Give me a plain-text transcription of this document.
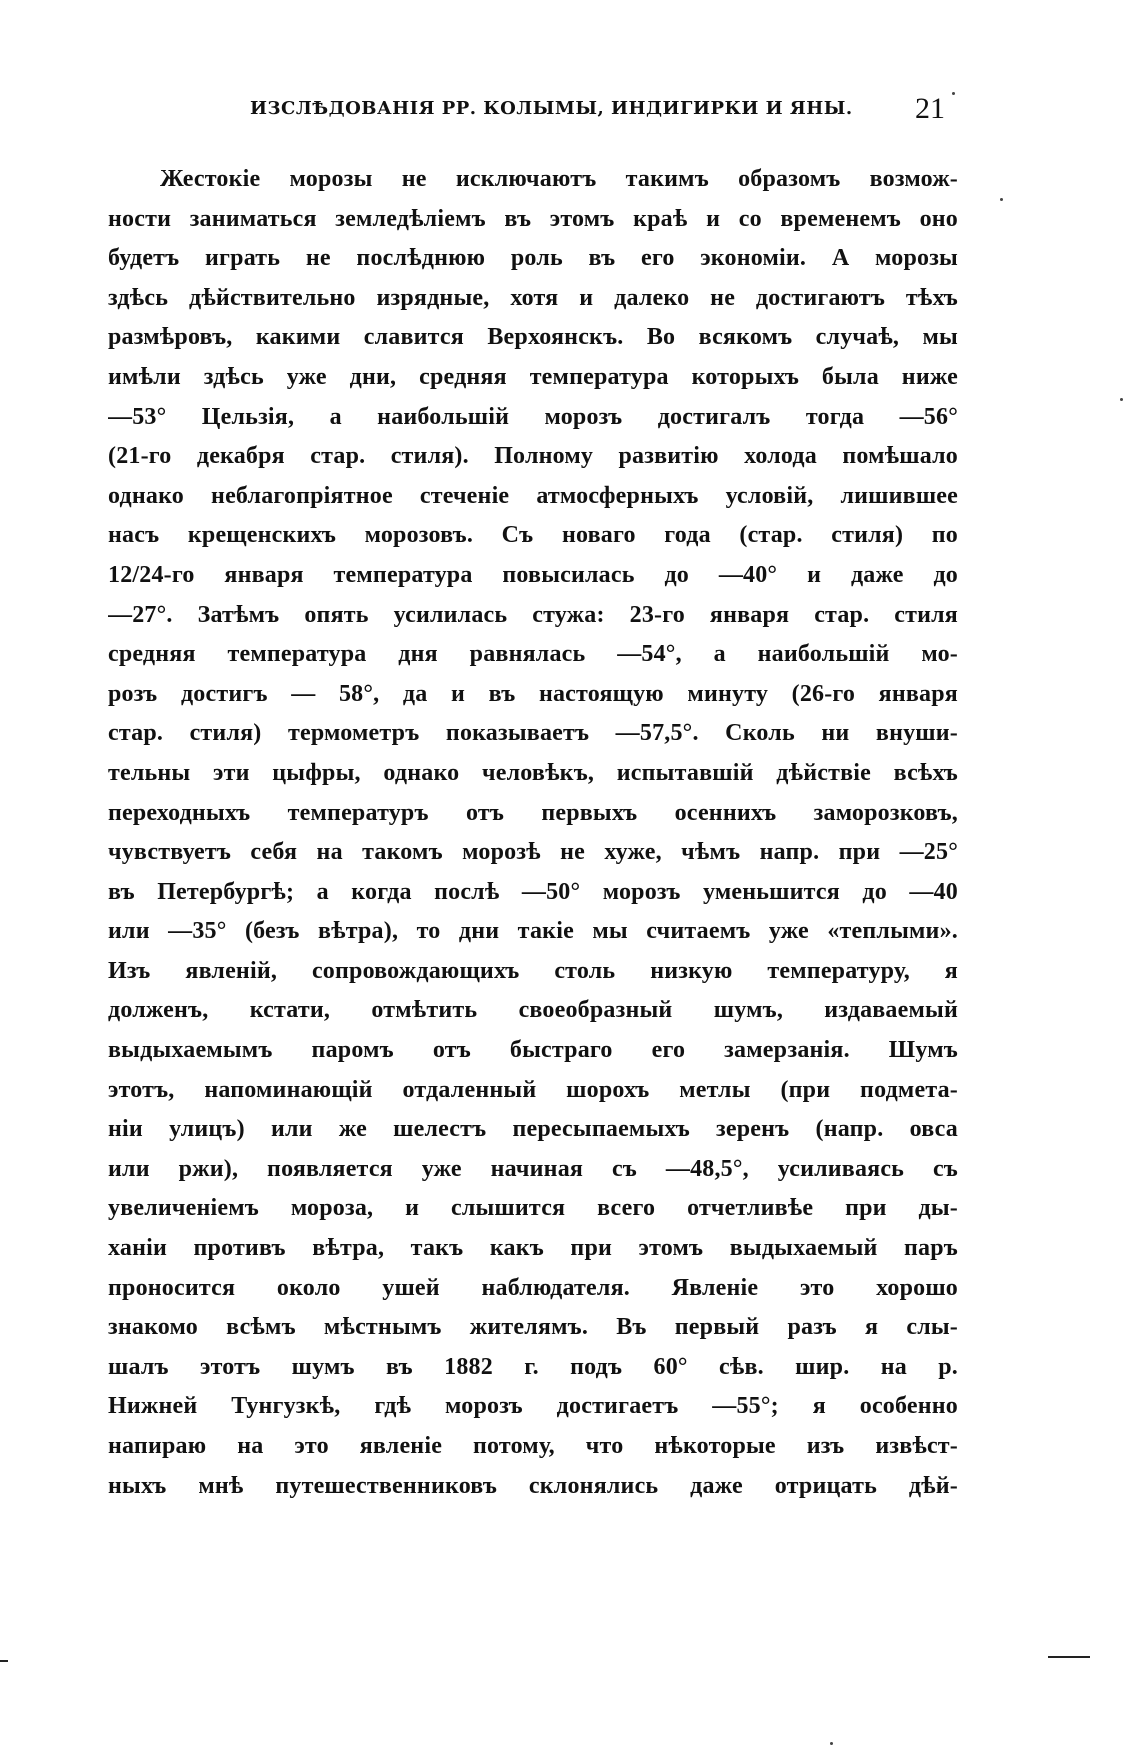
ИЗСЛѢДОВАНІЯ РР. КОЛЫМЫ, ИНДИГИРКИ И ЯНЫ. 21
Жестокіе морозы не исключаютъ такимъ образомъ возмож-
ности заниматься земледѣліемъ въ этомъ краѣ и со временемъ оно
будетъ играть не послѣднюю роль въ его экономіи. А морозы
здѣсь дѣйствительно изрядные, хотя и далеко не достигаютъ тѣхъ
размѣровъ, какими славится Верхоянскъ. Во всякомъ случаѣ, мы
имѣли здѣсь уже дни, средняя температура которыхъ была ниже
—53° Цельзія, а наибольшій морозъ достигалъ тогда —56°
(21-го декабря стар. стиля). Полному развитію холода помѣшало
однако неблагопріятное стеченіе атмосферныхъ условій, лишившее
насъ крещенскихъ морозовъ. Съ новаго года (стар. стиля) по
12/24-го января температура повысилась до —40° и даже до
—27°. Затѣмъ опять усилилась стужа: 23-го января стар. стиля
средняя температура дня равнялась —54°, а наибольшій мо-
розъ достигъ — 58°, да и въ настоящую минуту (26-го января
стар. стиля) термометръ показываетъ —57,5°. Сколь ни внуши-
тельны эти цыфры, однако человѣкъ, испытавшій дѣйствіе всѣхъ
переходныхъ температуръ отъ первыхъ осеннихъ заморозковъ,
чувствуетъ себя на такомъ морозѣ не хуже, чѣмъ напр. при —25°
въ Петербургѣ; а когда послѣ —50° морозъ уменьшится до —40
или —35° (безъ вѣтра), то дни такіе мы считаемъ уже «теплыми».
Изъ явленій, сопровождающихъ столь низкую температуру, я
долженъ, кстати, отмѣтить своеобразный шумъ, издаваемый
выдыхаемымъ паромъ отъ быстраго его замерзанія. Шумъ
этотъ, напоминающій отдаленный шорохъ метлы (при подмета-
ніи улицъ) или же шелестъ пересыпаемыхъ зеренъ (напр. овса
или ржи), появляется уже начиная съ —48,5°, усиливаясь съ
увеличеніемъ мороза, и слышится всего отчетливѣе при ды-
ханіи противъ вѣтра, такъ какъ при этомъ выдыхаемый паръ
проносится около ушей наблюдателя. Явленіе это хорошо
знакомо всѣмъ мѣстнымъ жителямъ. Въ первый разъ я слы-
шалъ этотъ шумъ въ 1882 г. подъ 60° сѣв. шир. на р.
Нижней Тунгузкѣ, гдѣ морозъ достигаетъ —55°; я особенно
напираю на это явленіе потому, что нѣкоторые изъ извѣст-
ныхъ мнѣ путешественниковъ склонялись даже отрицать дѣй-
